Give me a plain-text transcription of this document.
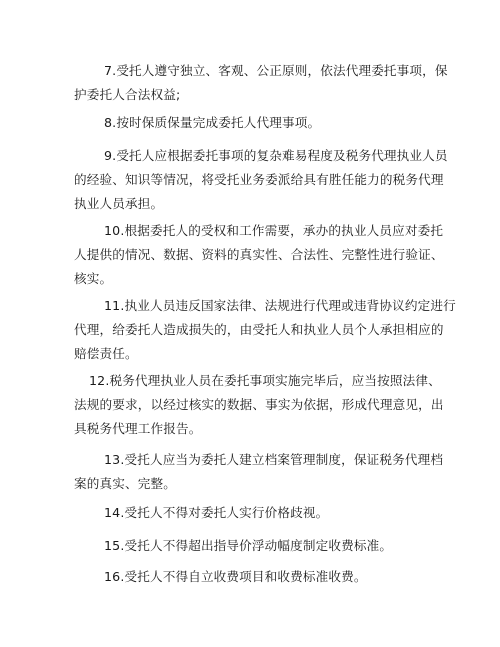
7.受托人遵守独立、客观、公正原则，依法代理委托事项，保
护委托人合法权益;
8.按时保质保量完成委托人代理事项。
9.受托人应根据委托事项的复杂难易程度及税务代理执业人员
的经验、知识等情况，将受托业务委派给具有胜任能力的税务代理
执业人员承担。
10.根据委托人的受权和工作需要，承办的执业人员应对委托
人提供的情况、数据、资料的真实性、合法性、完整性进行验证、
核实。
11.执业人员违反国家法律、法规进行代理或违背协议约定进行
代理，给委托人造成损失的，由受托人和执业人员个人承担相应的
赔偿责任。
12.税务代理执业人员在委托事项实施完毕后，应当按照法律、
法规的要求，以经过核实的数据、事实为依据，形成代理意见，出
具税务代理工作报告。
13.受托人应当为委托人建立档案管理制度，保证税务代理档
案的真实、完整。
14.受托人不得对委托人实行价格歧视。
15.受托人不得超出指导价浮动幅度制定收费标准。
16.受托人不得自立收费项目和收费标准收费。
